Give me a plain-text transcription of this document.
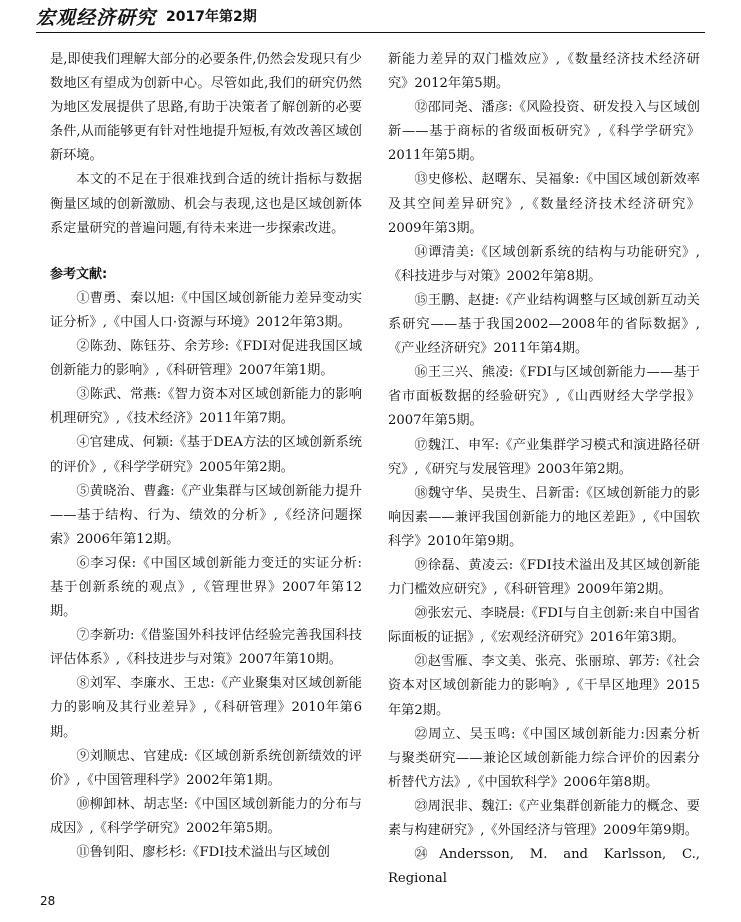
宏观经济研究 2017年第2期

是,即使我们理解大部分的必要条件,仍然会发现只有少数地区有望成为创新中心。尽管如此,我们的研究仍然为地区发展提供了思路,有助于决策者了解创新的必要条件,从而能够更有针对性地提升短板,有效改善区域创新环境。

本文的不足在于很难找到合适的统计指标与数据衡量区域的创新激励、机会与表现,这也是区域创新体系定量研究的普遍问题,有待未来进一步探索改进。

参考文献:

①曹勇、秦以旭:《中国区域创新能力差异变动实证分析》,《中国人口·资源与环境》2012年第3期。

②陈劲、陈钰芬、余芳珍:《FDI对促进我国区域创新能力的影响》,《科研管理》2007年第1期。

③陈武、常燕:《智力资本对区域创新能力的影响机理研究》,《技术经济》2011年第7期。

④官建成、何颖:《基于DEA方法的区域创新系统的评价》,《科学学研究》2005年第2期。

⑤黄晓治、曹鑫:《产业集群与区域创新能力提升——基于结构、行为、绩效的分析》,《经济问题探索》2006年第12期。

⑥李习保:《中国区域创新能力变迁的实证分析:基于创新系统的观点》,《管理世界》2007年第12期。

⑦李新功:《借鉴国外科技评估经验完善我国科技评估体系》,《科技进步与对策》2007年第10期。

⑧刘军、李廉水、王忠:《产业聚集对区域创新能力的影响及其行业差异》,《科研管理》2010年第6期。

⑨刘顺忠、官建成:《区域创新系统创新绩效的评价》,《中国管理科学》2002年第1期。

⑩柳卸林、胡志坚:《中国区域创新能力的分布与成因》,《科学学研究》2002年第5期。

⑪鲁钊阳、廖杉杉:《FDI技术溢出与区域创

新能力差异的双门槛效应》,《数量经济技术经济研究》2012年第5期。

⑫邵同尧、潘彦:《风险投资、研发投入与区域创新——基于商标的省级面板研究》,《科学学研究》2011年第5期。

⑬史修松、赵曙东、吴福象:《中国区域创新效率及其空间差异研究》,《数量经济技术经济研究》2009年第3期。

⑭谭清美:《区域创新系统的结构与功能研究》,《科技进步与对策》2002年第8期。

⑮王鹏、赵捷:《产业结构调整与区域创新互动关系研究——基于我国2002—2008年的省际数据》,《产业经济研究》2011年第4期。

⑯王三兴、熊凌:《FDI与区域创新能力——基于省市面板数据的经验研究》,《山西财经大学学报》2007年第5期。

⑰魏江、申军:《产业集群学习模式和演进路径研究》,《研究与发展管理》2003年第2期。

⑱魏守华、吴贵生、吕新雷:《区域创新能力的影响因素——兼评我国创新能力的地区差距》,《中国软科学》2010年第9期。

⑲徐磊、黄凌云:《FDI技术溢出及其区域创新能力门槛效应研究》,《科研管理》2009年第2期。

⑳张宏元、李晓晨:《FDI与自主创新:来自中国省际面板的证据》,《宏观经济研究》2016年第3期。

㉑赵雪雁、李文美、张亮、张丽琼、郭芳:《社会资本对区域创新能力的影响》,《干旱区地理》2015年第2期。

㉒周立、吴玉鸣:《中国区域创新能力:因素分析与聚类研究——兼论区域创新能力综合评价的因素分析替代方法》,《中国软科学》2006年第8期。

㉓周泯非、魏江:《产业集群创新能力的概念、要素与构建研究》,《外国经济与管理》2009年第9期。

㉔Andersson, M. and Karlsson, C., Regional

28
